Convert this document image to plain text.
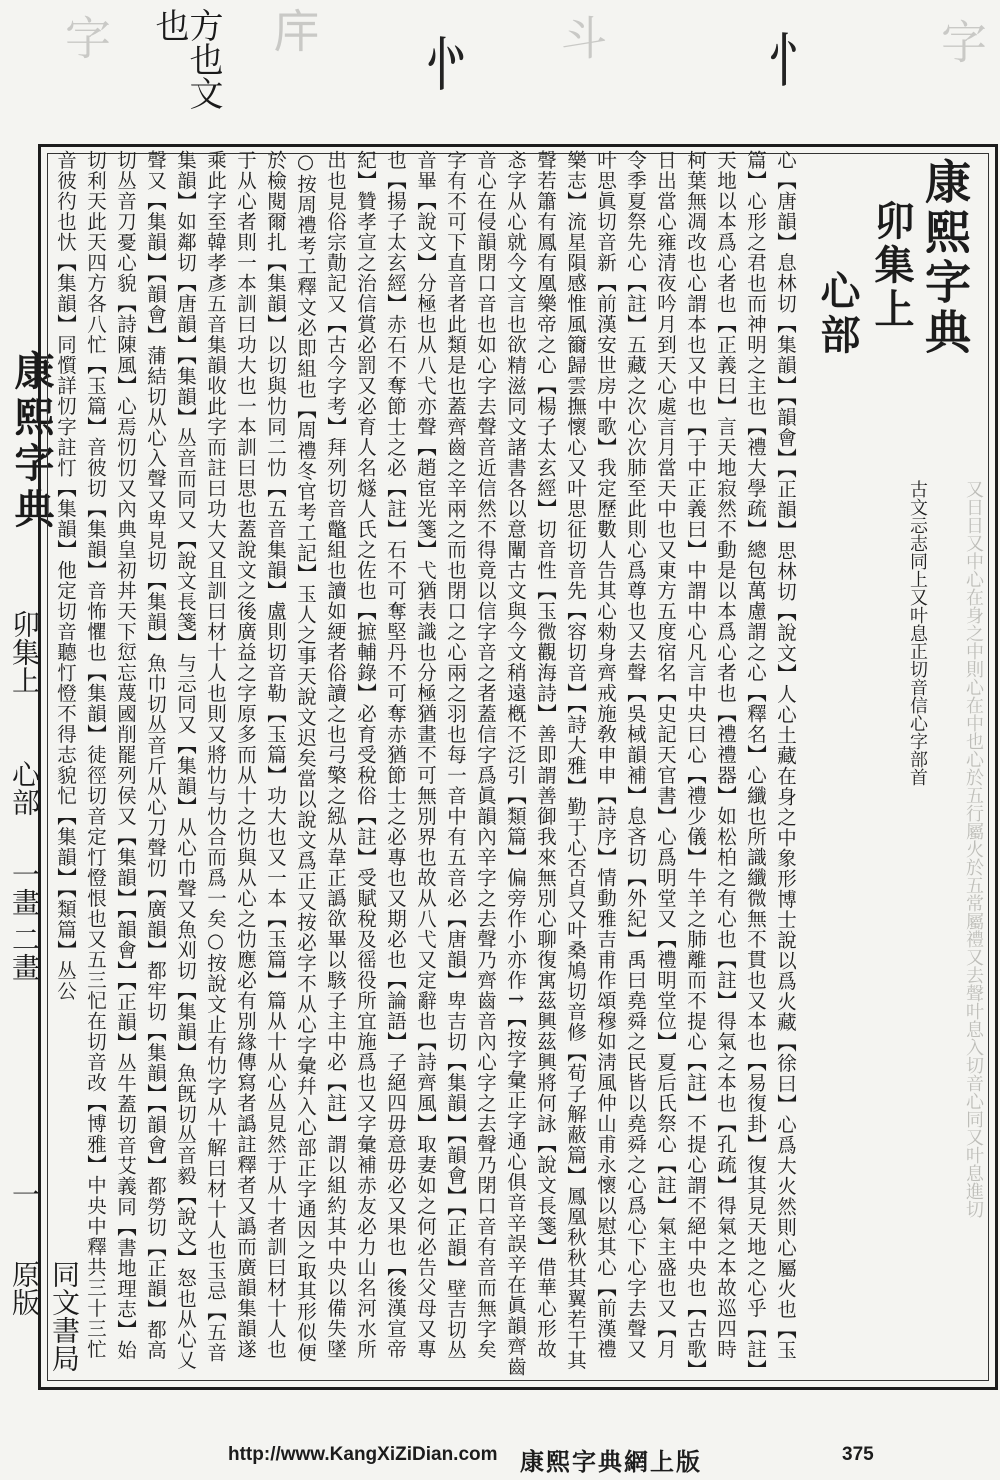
字	方也文也	𢇛 㣺 斗	忄 字
康熙字典
卯集上
心部
一畫 二畫
一
同文書局原版
康熙字典
卯集上
心部
又日日又中心在身之中則心在中也心於五行屬火於五常屬禮又去聲叶息入切音心同又叶息進切
古文忈志同上又叶息正切音信心字部首
心【唐韻】息林切【集韻】【韻會】【正韻】思林切【說文】人心土藏在身之中象形博士說以爲火藏【徐曰】心爲大火然則心屬火也【玉篇】心形之君也而神明之主也【禮大學疏】總包萬慮謂之心【釋名】心纖也所識纖微無不貫也又本也【易復卦】復其見天地之心乎【註】天地以本爲心者也【正義曰】言天地寂然不動是以本爲心者也【禮禮器】如松柏之有心也【註】得氣之本也【孔疏】得氣之本故巡四時柯葉無凋改也心謂本也又中也【于中正義曰】中謂中心凡言中央曰心【禮少儀】牛羊之肺離而不提心【註】不提心謂不絕中央也【古歌】日出當心雍清夜吟月到天心處言月當天中也又東方五度宿名【史記天官書】心爲明堂又【禮明堂位】夏后氏祭心【註】氣主盛也又【月令季夏祭先心【註】五藏之次心次肺至此則心爲尊也又去聲【吳棫韻補】息吝切【外紀】禹曰堯舜之民皆以堯舜之心爲心下心字去聲又叶思眞切音新【前漢安世房中歌】我定歷數人告其心勑身齊戒施敎申申【詩序】情動雅吉甫作頌穆如淸風仲山甫永懷以慰其心【前漢禮樂志】流星隕感惟風籋歸雲撫懷心又叶思征切音先【容切音】【詩大雅】勤于心否貞又叶桑鳩切音修【荀子解蔽篇】鳳凰秋秋其翼若干其聲若簫有鳳有凰樂帝之心【楊子太玄經】切音性【玉微觀海詩】善即謂善御我來無別心聊復寓茲興茲興將何詠【說文長箋】借華心形故忞字从心就今文言也欲精滋同文諸書各以意闡古文與今文稍遠槪不泛引【類篇】偏旁作小亦作↑【按字彙正字通心俱音辛誤辛在眞韻齊齒音心在侵韻閉口音也如心字去聲音近信然不得竟以信字音之者蓋信字爲眞韻內辛字之去聲乃齊齒音內心字之去聲乃閉口音有音而無字矣字有不可下直音者此類是也蓋齊齒之辛兩之而也閉口之心兩之羽也每一音中有五音必【唐韻】卑吉切【集韻】【韻會】【正韻】壁吉切丛音畢【說文】分極也从八弋亦聲【趙宦光箋】弋猶表識也分極猶畫不可無別界也故从八弋又定辭也【詩齊風】取妻如之何必告父母又專也【揚子太玄經】赤石不奪節士之必【註】石不可奪堅丹不可奪赤猶節士之必專也又期必也【論語】子絕四毋意毋必又果也【後漢宣帝紀】贊孝宣之治信賞必罰又必育人名燧人氏之佐也【摭輔錄】必育受稅俗【註】受賦稅及徭役所宜施爲也又字彙補赤友必力山名河水所出也見俗宗勣記又【古今字考】拜列切音鼈組也讀如綆者俗讀之也弓檠之紭从韋正譌欲畢以駭子主中必【註】謂以組約其中央以備失墜○按周禮考工釋文必即組也【周禮冬官考工記】玉人之事天說文迟矣當以說文爲正又按必字不从心字彙幷入心部正字通因之取其形似便於檢閱爾扎【集韻】以切與忇同二忇【五音集韻】盧則切音勒【玉篇】功大也又一本【玉篇】篇从十从心丛見然于从十者訓曰材十人也于从心者則一本訓曰功大也一本訓曰思也蓋說文之後廣益之字原多而从十之忇與从心之忇應必有別緣傳寫者譌註釋者又譌而廣韻集韻遂乘此字至韓孝彥五音集韻收此字而註曰功大又且訓曰材十人也則又將忇与忇合而爲一矣○按說文止有忇字从十解曰材十人也玉忌【五音集韻】如鄰切【唐韻】【集韻】丛音而同又【說文長箋】与忈同又【集韻】从心巾聲又魚刈切【集韻】魚旣切丛音毅【說文】怒也从心乂聲又【集韻】【韻會】蒲結切从心入聲又卑見切【集韻】魚巾切丛音斤从心刀聲忉【廣韻】都牢切【集韻】【韻會】都勞切【正韻】都高切丛音刀憂心貌【詩陳風】心焉忉忉又內典皇初丼天下愆忘蔑國削罷列侯又【集韻】【韻會】【正韻】丛牛蓋切音艾義同【書地理志】始切利天此天四方各八忙【玉篇】音彼切【集韻】音怖懼也【集韻】徒徑切音定忊憕恨也又五三忋在切音改【博雅】中央中釋共三十三忙音彼彴也忕【集韻】同懫詳忉字註忊【集韻】他定切音聽忊憕不得志貌忋【集韻】【類篇】丛公
http://www.KangXiZiDian.com 康熙字典網上版	375
